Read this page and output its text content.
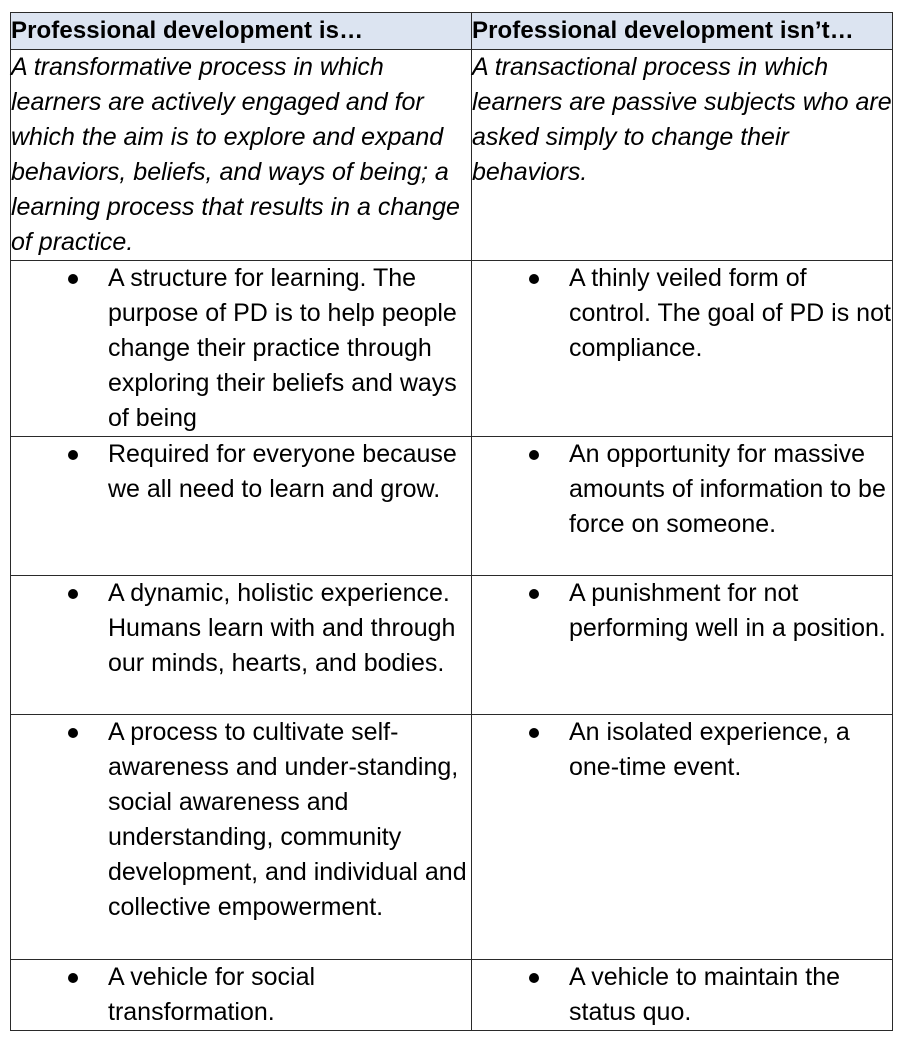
Professional development is…	Professional development isn’t…
A transformative process in which learners are actively engaged and for which the aim is to explore and expand behaviors, beliefs, and ways of being; a learning process that results in a change of practice.	A transactional process in which learners are passive subjects who are asked simply to change their behaviors.

A structure for learning. The purpose of PD is to help people change their practice through exploring their beliefs and ways of being	A thinly veiled form of control. The goal of PD is not compliance.

Required for everyone because we all need to learn and grow.	An opportunity for massive amounts of information to be force on someone.

A dynamic, holistic experience. Humans learn with and through our minds, hearts, and bodies.	A punishment for not performing well in a position.

A process to cultivate self-awareness and under-standing, social awareness and understanding, community development, and individual and collective empowerment.	An isolated experience, a one-time event.

A vehicle for social transformation.	A vehicle to maintain the status quo.
